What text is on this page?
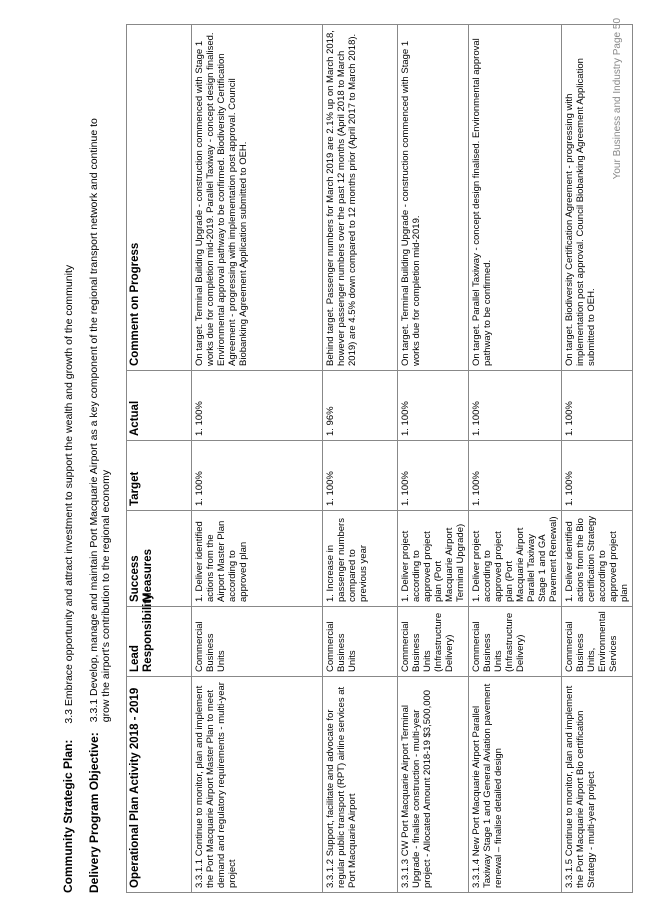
Community Strategic Plan:3.3 Embrace opportunity and attract investment to support the wealth and growth of the community
Delivery Program Objective:3.3.1 Develop, manage and maintain Port Macquarie Airport as a key component of the regional transport network and continue to grow the airport's contribution to the regional economy
Operational Plan Activity 2018 - 2019	Lead Responsibility	Success Measures	Target	Actual	Comment on Progress
3.3.1.1 Continue to monitor, plan and implement the Port Macquarie Airport Master Plan to meet demand and regulatory requirements - multi-year project	Commercial Business Units	1. Deliver identified actions from the Airport Master Plan according to approved plan	1. 100%	1. 100%	On target. Terminal Building Upgrade - construction commenced with Stage 1 works due for completion mid-2019. Parallel Taxiway - concept design finalised. Environmental approval pathway to be confirmed. Biodiversity Certification Agreement - progressing with implementation post approval. Council Biobanking Agreement Application submitted to OEH.
3.3.1.2 Support, facilitate and advocate for regular public transport (RPT) airline services at Port Macquarie Airport	Commercial Business Units	1. Increase in passenger numbers compared to previous year	1. 100%	1. 96%	Behind target. Passenger numbers for March 2019 are 2.1% up on March 2018, however passenger numbers over the past 12 months (April 2018 to March 2019) are 4.5% down compared to 12 months prior (April 2017 to March 2018).
3.3.1.3 CW Port Macquarie Airport Terminal Upgrade - finalise construction - multi-year project - Allocated Amount 2018-19 $3,500,000	Commercial Business Units (Infrastructure Delivery)	1. Deliver project according to approved project plan (Port Macquarie Airport Terminal Upgrade)	1. 100%	1. 100%	On target. Terminal Building Upgrade - construction commenced with Stage 1 works due for completion mid-2019.
3.3.1.4 New Port Macquarie Airport Parallel Taxiway Stage 1 and General Aviation pavement renewal – finalise detailed design	Commercial Business Units (Infrastructure Delivery)	1. Deliver project according to approved project plan (Port Macquarie Airport Parallel Taxiway Stage 1 and GA Pavement Renewal)	1. 100%	1. 100%	On target. Parallel Taxiway - concept design finalised. Environmental approval pathway to be confirmed.
3.3.1.5 Continue to monitor, plan and implement the Port Macquarie Airport Bio certification Strategy - multi-year project	Commercial Business Units, Environmental Services	1. Deliver identified actions from the Bio certification Strategy according to approved project plan	1. 100%	1. 100%	On target. Biodiversity Certification Agreement - progressing with implementation post approval. Council Biobanking Agreement Application submitted to OEH.
Your Business and Industry Page 50
